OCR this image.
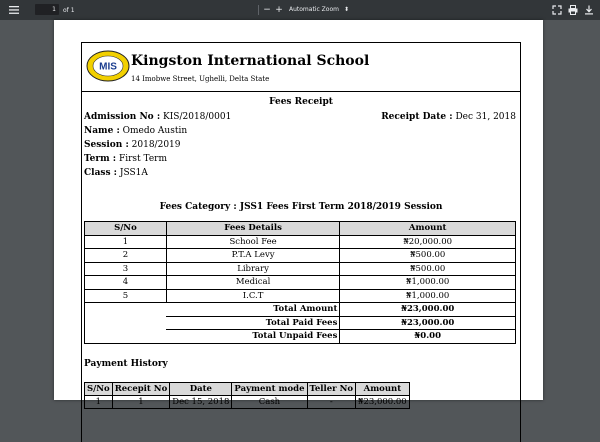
1	of 1	− +	Automatic Zoom ⬍
MIS Kingston International School
14 Imobwe Street, Ughelli, Delta State
Fees Receipt
Admission No : KIS/2018/0001	Receipt Date : Dec 31, 2018
Name : Omedo Austin
Session : 2018/2019
Term : First Term
Class : JSS1A
Fees Category : JSS1 Fees First Term 2018/2019 Session
S/No	Fees Details	Amount
1	School Fee	₦20,000.00
2	P.T.A Levy	₦500.00
3	Library	₦500.00
4	Medical	₦1,000.00
5	I.C.T	₦1,000.00
	Total Amount	₦23,000.00
	Total Paid Fees	₦23,000.00
	Total Unpaid Fees	₦0.00
Payment History
S/No	Recepit No	Date	Payment mode	Teller No	Amount
1	1	Dec 15, 2018	Cash	-	₦23,000.00
